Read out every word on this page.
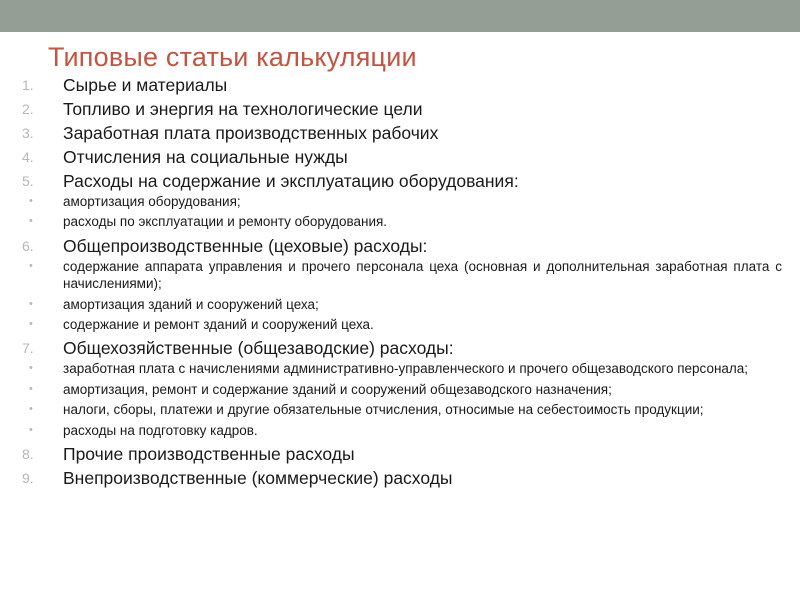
Типовые статьи калькуляции
1.	Сырье и материалы
2.	Топливо и энергия на технологические цели
3.	Заработная плата производственных рабочих
4.	Отчисления на социальные нужды
5.	Расходы на содержание и эксплуатацию оборудования:
• амортизация оборудования;
• расходы по эксплуатации и ремонту оборудования.
6.	Общепроизводственные (цеховые) расходы:
• содержание аппарата управления и прочего персонала цеха (основная и дополнительная заработная плата с начислениями);
• амортизация зданий и сооружений цеха;
• содержание и ремонт зданий и сооружений цеха.
7.	Общехозяйственные (общезаводские) расходы:
• заработная плата с начислениями административно-управленческого и прочего общезаводского персонала;
• амортизация, ремонт и содержание зданий и сооружений общезаводского назначения;
• налоги, сборы, платежи и другие обязательные отчисления, относимые на себестоимость продукции;
• расходы на подготовку кадров.
8.	Прочие производственные расходы
9.	Внепроизводственные (коммерческие) расходы
